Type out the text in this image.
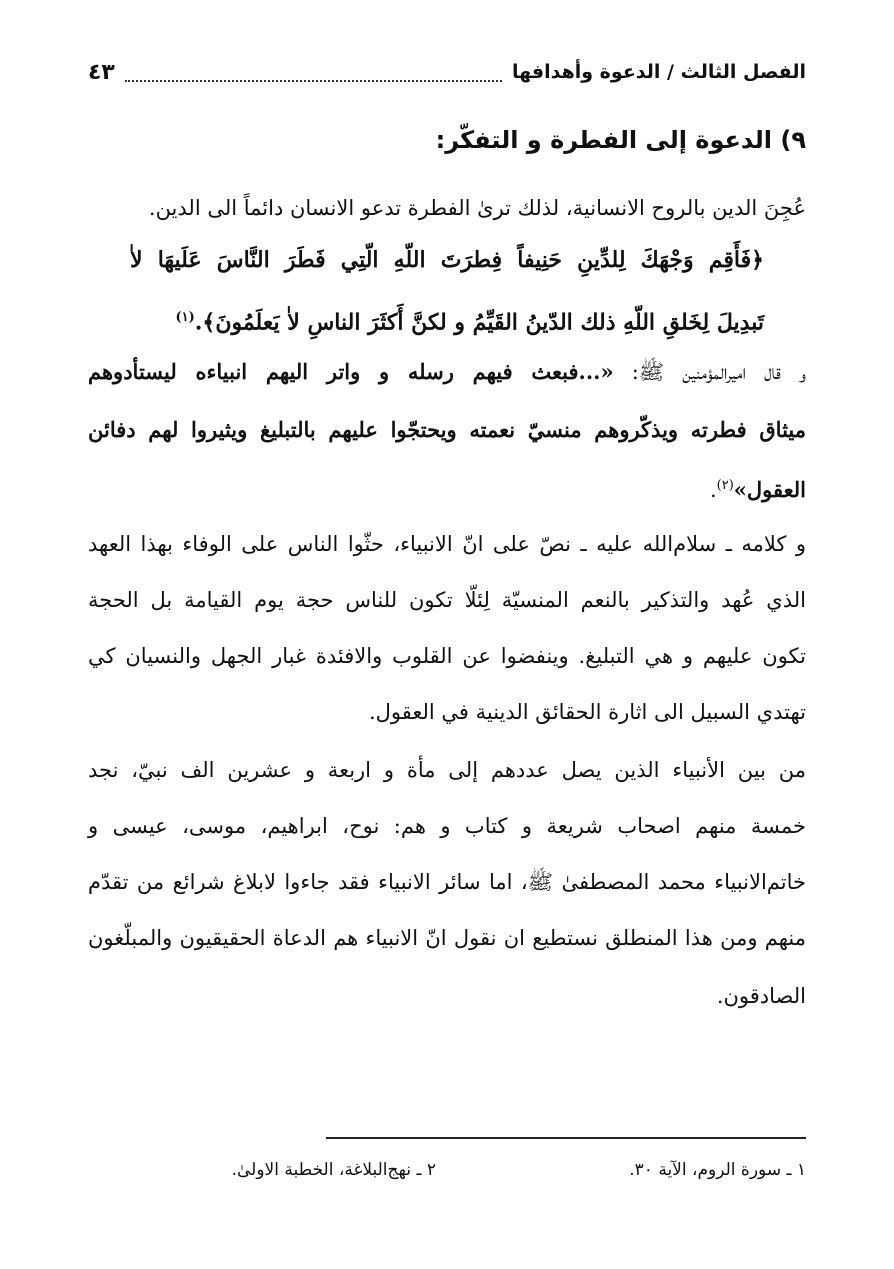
الفصل الثالث / الدعوة وأهدافها
٤٣
٩) الدعوة إلى الفطرة و التفكّر:
عُجِنَ الدين بالروح الانسانية، لذلك ترىٰ الفطرة تدعو الانسان دائماً الى الدين.
﴿فَأَقِم وَجْهَكَ لِلدِّينِ حَنِيفاً فِطرَتَ اللّهِ الّتِي فَطَرَ النَّاسَ عَلَيهَا لاٰ
تَبدِيلَ لِخَلقِ اللّهِ ذلك الدّينُ القَيِّمُ و لكنَّ أَكثَرَ الناسِ لاٰ يَعلَمُونَ﴾.$^{(١)}$
و قال اميرالمؤمنين ﷺ: «...فبعث فيهم رسله و واتر اليهم انبياءه ليستأدوهم
ميثاق فطرته ويذكّروهم منسيّ نعمته ويحتجّوا عليهم بالتبليغ ويثيروا لهم دفائن
العقول»$^{(٢)}$.
و كلامه ـ سلام‌الله عليه ـ نصّ على انّ الانبياء، حثّوا الناس على الوفاء بهذا العهد
الذي عُهد والتذكير بالنعم المنسيّة لِئلّا تكون للناس حجة يوم القيامة بل الحجة
تكون عليهم و هي التبليغ. وينفضوا عن القلوب والافئدة غبار الجهل والنسيان كي
تهتدي السبيل الى اثارة الحقائق الدينية في العقول.
من بين الأنبياء الذين يصل عددهم إلى مأة و اربعة و عشرين الف نبيّ، نجد
خمسة منهم اصحاب شريعة و كتاب و هم: نوح، ابراهيم، موسى، عيسى و
خاتم‌الانبياء محمد المصطفىٰ ﷺ، اما سائر الانبياء فقد جاءوا لابلاغ شرائع من تقدّم
منهم ومن هذا المنطلق نستطيع ان نقول انّ الانبياء هم الدعاة الحقيقيون والمبلّغون
الصادقون.
١ ـ سورة الروم، الآية ٣٠.
٢ ـ نهج‌البلاغة، الخطبة الاولىٰ.
